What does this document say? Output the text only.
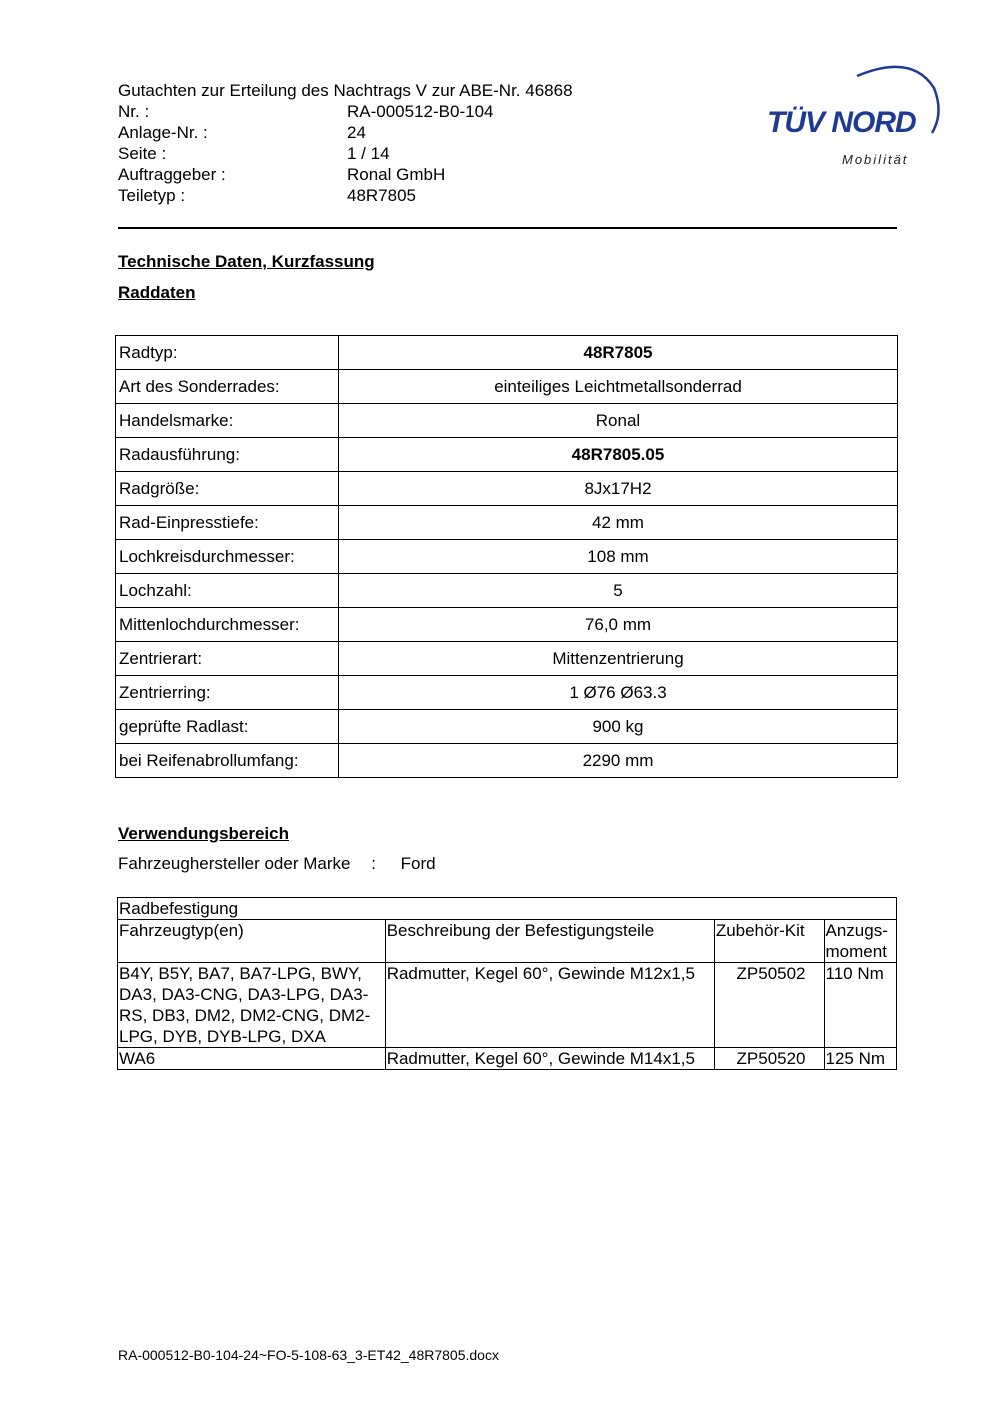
Gutachten zur Erteilung des Nachtrags V zur ABE-Nr. 46868
Nr. :	RA-000512-B0-104
Anlage-Nr. :	24
Seite :	1 / 14
Auftraggeber :	Ronal GmbH
Teiletyp :	48R7805
TÜV NORD
Mobilität
Technische Daten, Kurzfassung
Raddaten
Radtyp:	48R7805
Art des Sonderrades:	einteiliges Leichtmetallsonderrad
Handelsmarke:	Ronal
Radausführung:	48R7805.05
Radgröße:	8Jx17H2
Rad-Einpresstiefe:	42 mm
Lochkreisdurchmesser:	108 mm
Lochzahl:	5
Mittenlochdurchmesser:	76,0 mm
Zentrierart:	Mittenzentrierung
Zentrierring:	1 Ø76 Ø63.3
geprüfte Radlast:	900 kg
bei Reifenabrollumfang:	2290 mm
Verwendungsbereich
Fahrzeughersteller oder Marke : Ford
Radbefestigung			
Fahrzeugtyp(en)	Beschreibung der Befestigungsteile	Zubehör-Kit	Anzugs-moment
B4Y, B5Y, BA7, BA7-LPG, BWY, DA3, DA3-CNG, DA3-LPG, DA3-RS, DB3, DM2, DM2-CNG, DM2-LPG, DYB, DYB-LPG, DXA	Radmutter, Kegel 60°, Gewinde M12x1,5	ZP50502	110 Nm
WA6	Radmutter, Kegel 60°, Gewinde M14x1,5	ZP50520	125 Nm
RA-000512-B0-104-24~FO-5-108-63_3-ET42_48R7805.docx
